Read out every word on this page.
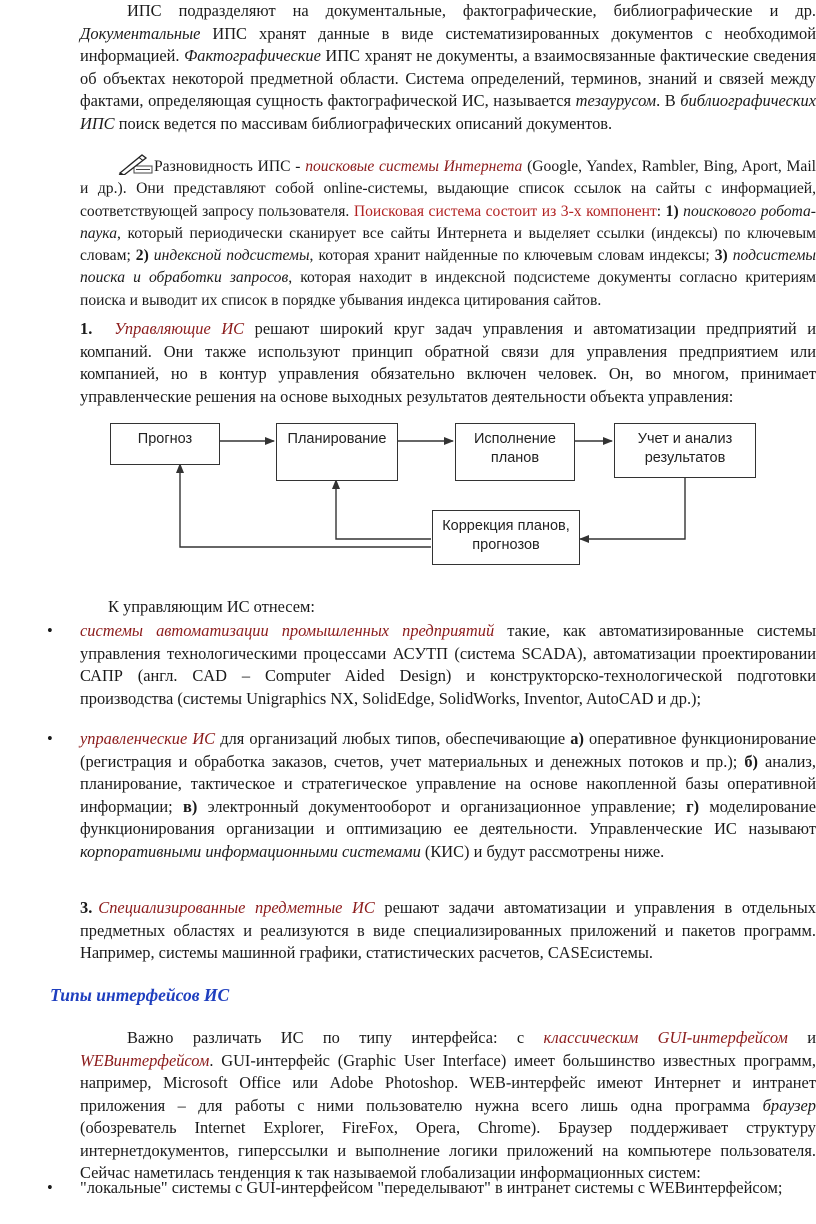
ИПС подразделяют на документальные, фактографические, библиографические и др. Документальные ИПС хранят данные в виде систематизированных документов с необходимой информацией. Фактографические ИПС хранят не документы, а взаимосвязанные фактические сведения об объектах некоторой предметной области. Система определений, терминов, знаний и связей между фактами, определяющая сущность фактографической ИС, называется тезаурусом. В библиографических ИПС поиск ведется по массивам библиографических описаний документов.

Разновидность ИПС - поисковые системы Интернета (Google, Yandex, Rambler, Bing, Aport, Mail и др.). Они представляют собой online-системы, выдающие список ссылок на сайты с информацией, соответствующей запросу пользователя. Поисковая система состоит из 3-х компонент: 1) поискового робота-паука, который периодически сканирует все сайты Интернета и выделяет ссылки (индексы) по ключевым словам; 2) индексной подсистемы, которая хранит найденные по ключевым словам индексы; 3) подсистемы поиска и обработки запросов, которая находит в индексной подсистеме документы согласно критериям поиска и выводит их список в порядке убывания индекса цитирования сайтов.

1. Управляющие ИС решают широкий круг задач управления и автоматизации предприятий и компаний. Они также используют принцип обратной связи для управления предприятием или компанией, но в контур управления обязательно включен человек. Он, во многом, принимает управленческие решения на основе выходных результатов деятельности объекта управления:

Прогноз	Планирование	Исполнение
планов
Учет и анализ
результатов
Коррекция планов,
прогнозов

К управляющим ИС отнесем:

• системы автоматизации промышленных предприятий такие, как автоматизированные системы управления технологическими процессами АСУТП (система SCADA), автоматизации проектировании САПР (англ. CAD – Computer Aided Design) и конструкторско-технологической подготовки производства (системы Unigraphics NX, SolidEdge, SolidWorks, Inventor, AutoCAD и др.);

• управленческие ИС для организаций любых типов, обеспечивающие а) оперативное функционирование (регистрация и обработка заказов, счетов, учет материальных и денежных потоков и пр.); б) анализ, планирование, тактическое и стратегическое управление на основе накопленной базы оперативной информации; в) электронный документооборот и организационное управление; г) моделирование функционирования организации и оптимизацию ее деятельности. Управленческие ИС называют корпоративными информационными системами (КИС) и будут рассмотрены ниже.

3. Специализированные предметные ИС решают задачи автоматизации и управления в отдельных предметных областях и реализуются в виде специализированных приложений и пакетов программ. Например, системы машинной графики, статистических расчетов, CASEсистемы.

Типы интерфейсов ИС

Важно различать ИС по типу интерфейса: с классическим GUI-интерфейсом и WEBинтерфейсом. GUI-интерфейс (Graphic User Interface) имеет большинство известных программ, например, Microsoft Office или Adobe Photoshop. WEB-интерфейс имеют Интернет и интранет приложения – для работы с ними пользователю нужна всего лишь одна программа браузер (обозреватель Internet Explorer, FireFox, Opera, Chrome). Браузер поддерживает структуру интернетдокументов, гиперссылки и выполнение логики приложений на компьютере пользователя. Сейчас наметилась тенденция к так называемой глобализации информационных систем:

• "локальные" системы с GUI-интерфейсом "переделывают" в интранет системы с WEBинтерфейсом;
